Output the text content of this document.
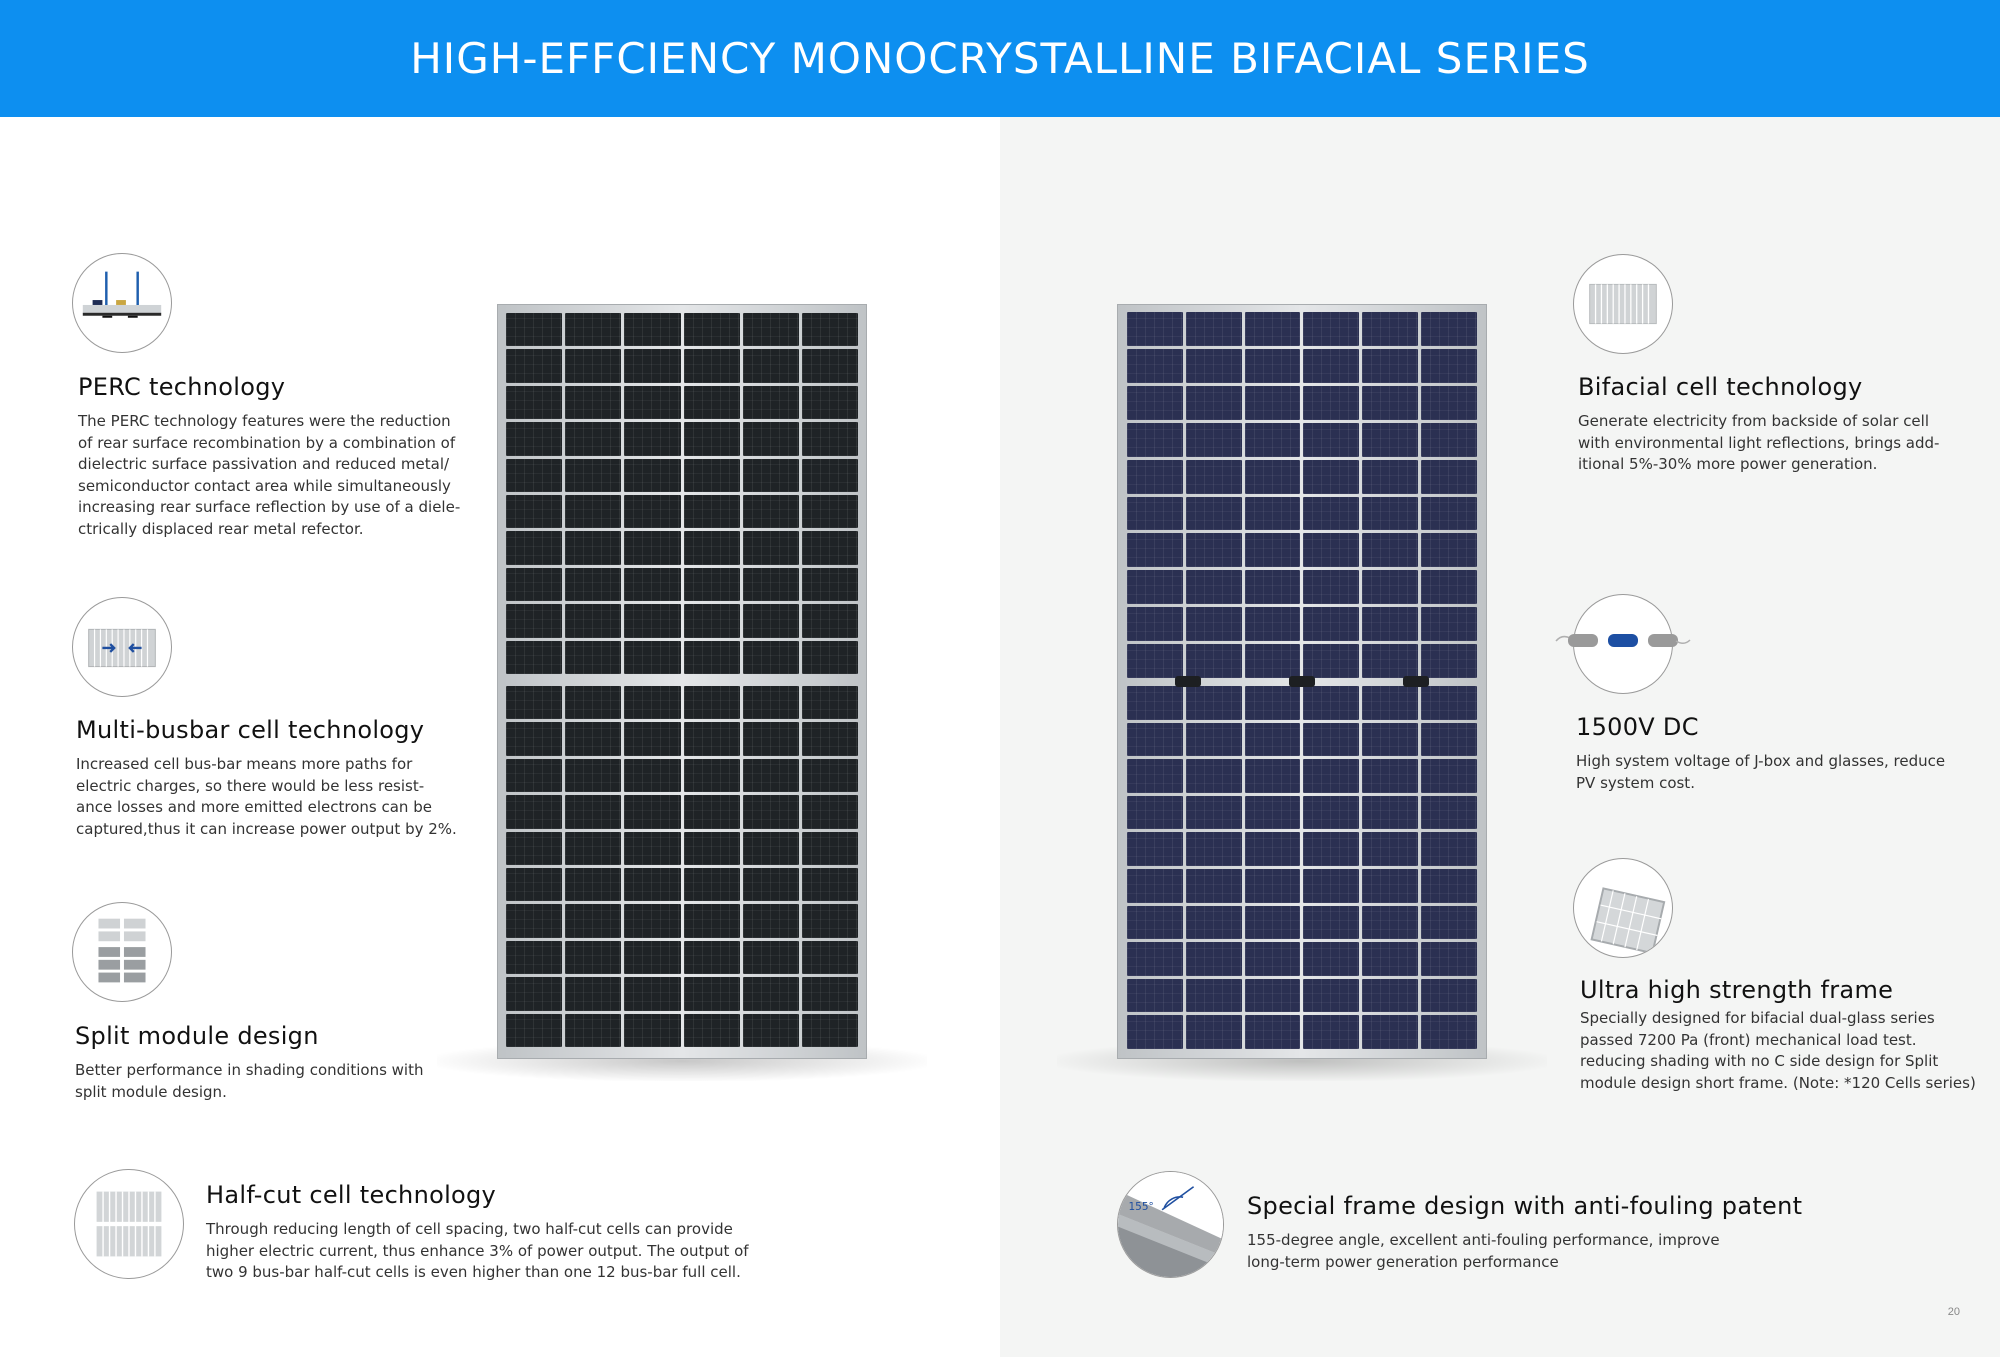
HIGH-EFFCIENCY MONOCRYSTALLINE BIFACIAL SERIES
PERC technology

The PERC technology features were the reduction
of rear surface recombination by a combination of
dielectric surface passivation and reduced metal/
semiconductor contact area while simultaneously
increasing rear surface reflection by use of a diele-
ctrically displaced rear metal refector.

Multi-busbar cell technology

Increased cell bus-bar means more paths for
electric charges, so there would be less resist-
ance losses and more emitted electrons can be
captured,thus it can increase power output by 2%.

Split module design

Better performance in shading conditions with
split module design.

Half-cut cell technology

Through reducing length of cell spacing, two half-cut cells can provide
higher electric current, thus enhance 3% of power output. The output of
two 9 bus-bar half-cut cells is even higher than one 12 bus-bar full cell.

Bifacial cell technology

Generate electricity from backside of solar cell
with environmental light reflections, brings add-
itional 5%-30% more power generation.

1500V DC

High system voltage of J-box and glasses, reduce
PV system cost.

Ultra high strength frame

Specially designed for bifacial dual-glass series
passed 7200 Pa (front) mechanical load test.
reducing shading with no C side design for Split
module design short frame. (Note: *120 Cells series)

155°	Special frame design with anti-fouling patent

155-degree angle, excellent anti-fouling performance, improve
long-term power generation performance

20
